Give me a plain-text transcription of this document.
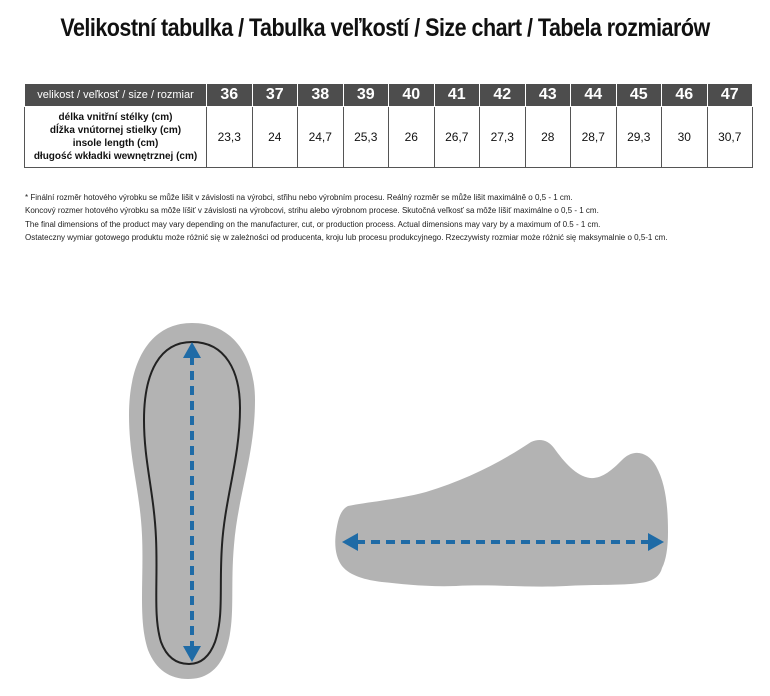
Velikostní tabulka / Tabulka veľkostí / Size chart / Tabela rozmiarów
velikost / veľkosť / size / rozmiar	36	37	38	39	40	41	42	43	44	45	46	47

délka vnitřní stélky (cm)
dĺžka vnútornej stielky (cm)
insole length (cm)
długość wkładki wewnętrznej (cm)	23,3	24	24,7	25,3	26	26,7	27,3	28	28,7	29,3	30	30,7
* Finální rozměr hotového výrobku se může lišit v závislosti na výrobci, střihu nebo výrobním procesu. Reálný rozměr se může lišit maximálně o 0,5 - 1 cm.
Koncový rozmer hotového výrobku sa môže líšiť v závislosti na výrobcovi, strihu alebo výrobnom procese. Skutočná veľkosť sa môže líšiť maximálne o 0,5 - 1 cm.
The final dimensions of the product may vary depending on the manufacturer, cut, or production process. Actual dimensions may vary by a maximum of 0.5 - 1 cm.
Ostateczny wymiar gotowego produktu może różnić się w zależności od producenta, kroju lub procesu produkcyjnego. Rzeczywisty rozmiar może różnić się maksymalnie o 0,5-1 cm.
